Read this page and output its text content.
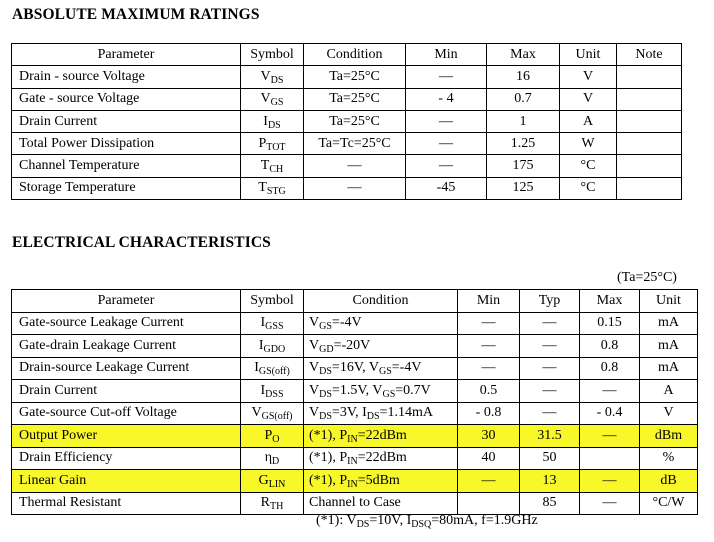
ABSOLUTE MAXIMUM RATINGS
Parameter	Symbol	Condition	Min	Max	Unit	Note
Drain - source Voltage	$V_{DS}$	Ta=25°C	—	16	V	
Gate - source Voltage	$V_{GS}$	Ta=25°C	- 4	0.7	V	
Drain Current	$I_{DS}$	Ta=25°C	—	1	A	
Total Power Dissipation	$P_{TOT}$	Ta=Tc=25°C	—	1.25	W	
Channel Temperature	$T_{CH}$	—	—	175	°C	
Storage Temperature	$T_{STG}$	—	-45	125	°C	
ELECTRICAL CHARACTERISTICS
(Ta=25°C)
Parameter	Symbol	Condition	Min	Typ	Max	Unit
Gate-source Leakage Current	$I_{GSS}$	$V_{GS}=-4V$	—	—	0.15	mA
Gate-drain Leakage Current	$I_{GDO}$	$V_{GD}=-20V$	—	—	0.8	mA
Drain-source Leakage Current	$I_{GS(off)}$	$V_{DS}=16V$, $V_{GS}=-4V$	—	—	0.8	mA
Drain Current	$I_{DSS}$	$V_{DS}=1.5V$, $V_{GS}=0.7V$	0.5	—	—	A
Gate-source Cut-off Voltage	$V_{GS(off)}$	$V_{DS}=3V$, $I_{DS}=1.14mA$	- 0.8	—	- 0.4	V
Output Power	$P_O$	(*1), $P_{IN}=22dBm$	30	31.5	—	dBm
Drain Efficiency	$\eta_D$	(*1), $P_{IN}=22dBm$	40	50		%
Linear Gain	$G_{LIN}$	(*1), $P_{IN}=5dBm$	—	13	—	dB
Thermal Resistant	$R_{TH}$	Channel to Case		85	—	°C/W
(*1): $V_{DS}=10V$, $I_{DSQ}=80mA$, f=1.9GHz
